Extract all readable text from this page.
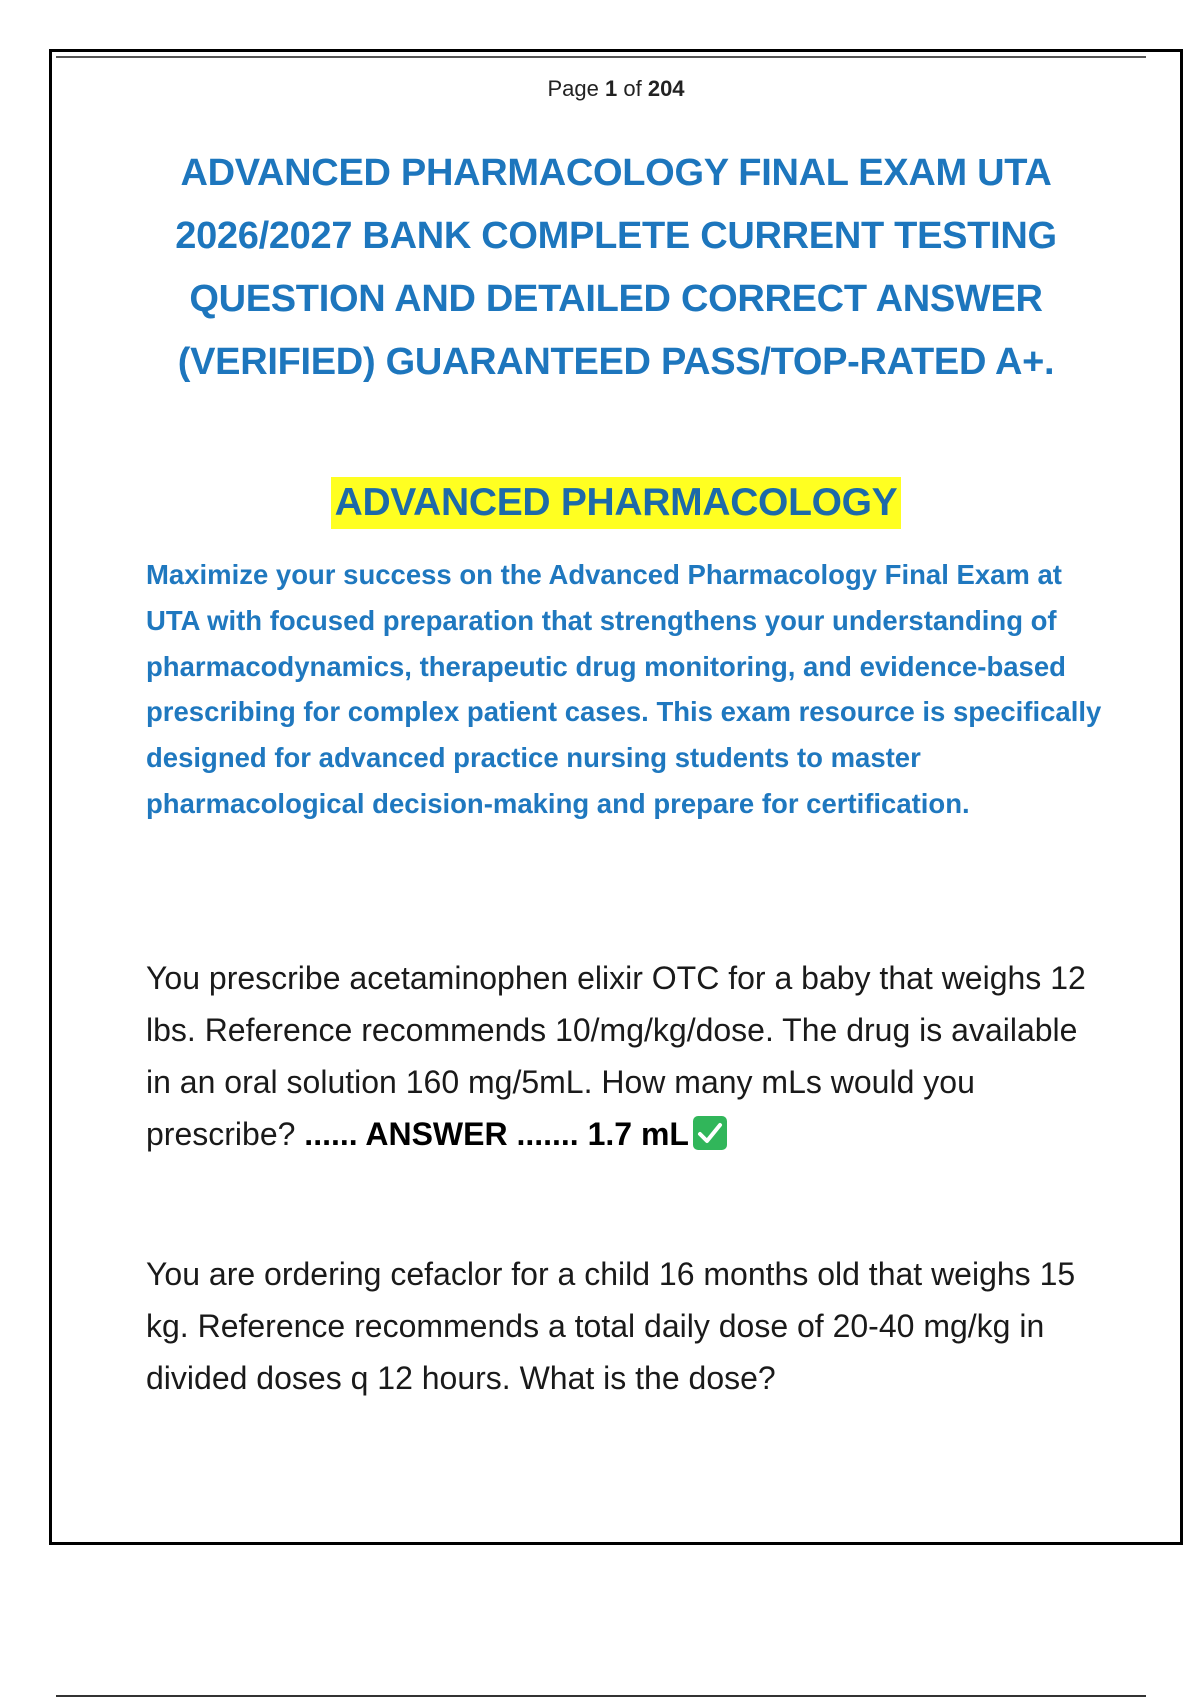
Page 1 of 204
ADVANCED PHARMACOLOGY FINAL EXAM UTA 2026/2027 BANK COMPLETE CURRENT TESTING QUESTION AND DETAILED CORRECT ANSWER (VERIFIED) GUARANTEED PASS/TOP-RATED A+.
ADVANCED PHARMACOLOGY

Maximize your success on the Advanced Pharmacology Final Exam at UTA with focused preparation that strengthens your understanding of pharmacodynamics, therapeutic drug monitoring, and evidence-based prescribing for complex patient cases. This exam resource is specifically designed for advanced practice nursing students to master pharmacological decision-making and prepare for certification.

You prescribe acetaminophen elixir OTC for a baby that weighs 12 lbs. Reference recommends 10/mg/kg/dose. The drug is available in an oral solution 160 mg/5mL. How many mLs would you prescribe? ...... ANSWER ....... 1.7 mL

You are ordering cefaclor for a child 16 months old that weighs 15 kg. Reference recommends a total daily dose of 20-40 mg/kg in divided doses q 12 hours. What is the dose?
